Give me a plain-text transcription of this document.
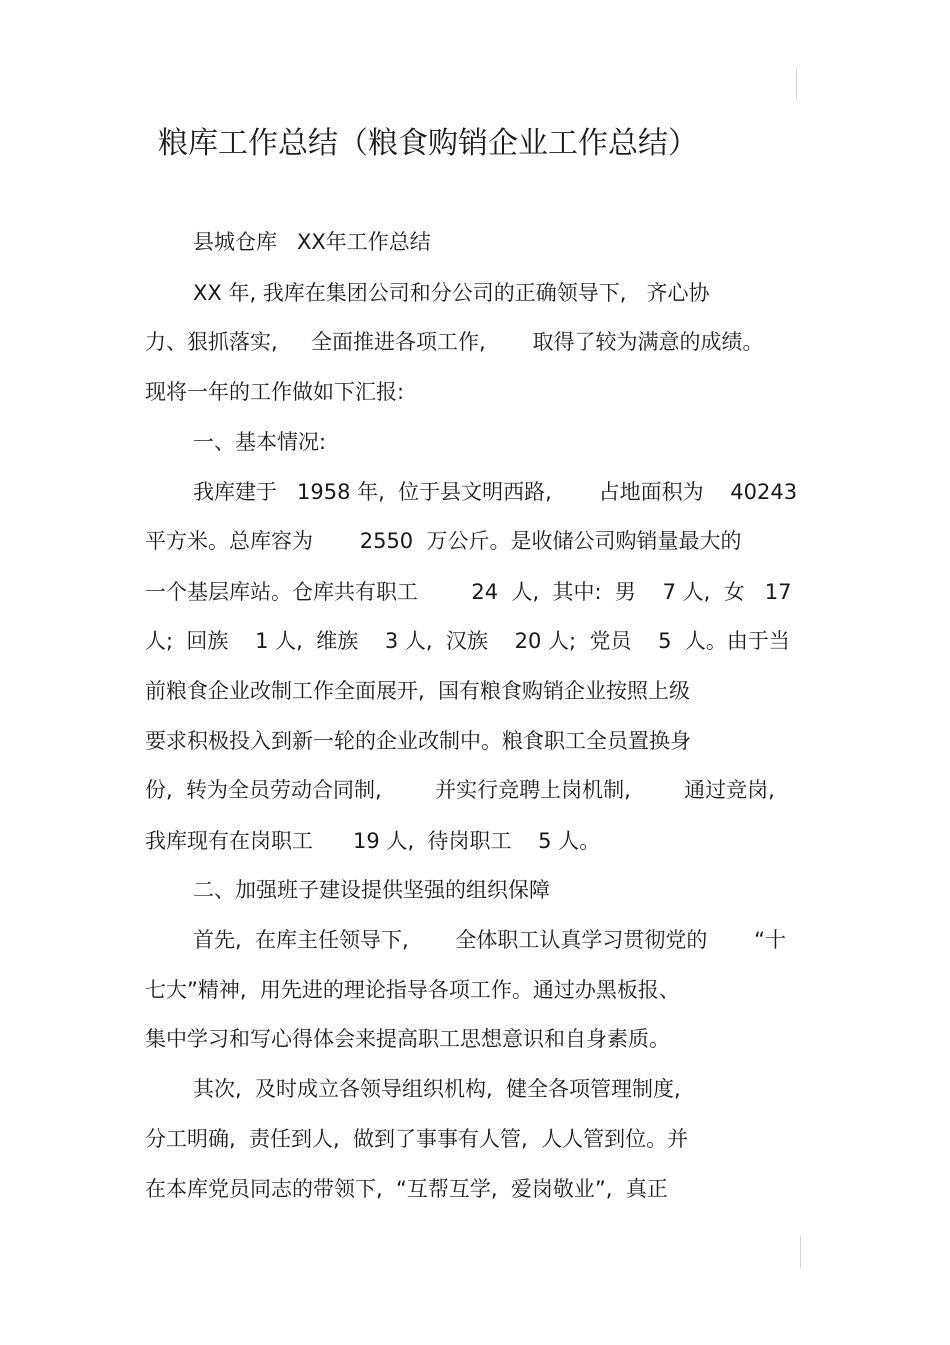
粮库工作总结（粮食购销企业工作总结）

县城仓库   XX年工作总结

XX 年, 我库在集团公司和分公司的正确领导下,   齐心协

力、狠抓落实,     全面推进各项工作,       取得了较为满意的成绩。

现将一年的工作做如下汇报:

一、基本情况:

我库建于   1958 年,  位于县文明西路,       占地面积为    40243

平方米。总库容为       2550  万公斤。是收储公司购销量最大的

一个基层库站。仓库共有职工        24  人,  其中:  男    7 人,  女   17

人;  回族    1 人,  维族    3 人,  汉族    20 人;  党员    5  人。由于当

前粮食企业改制工作全面展开,  国有粮食购销企业按照上级

要求积极投入到新一轮的企业改制中。粮食职工全员置换身

份,  转为全员劳动合同制,        并实行竞聘上岗机制,        通过竞岗,

我库现有在岗职工      19 人,  待岗职工    5 人。

二、加强班子建设提供坚强的组织保障

首先,  在库主任领导下,       全体职工认真学习贯彻党的       “十

七大”精神,  用先进的理论指导各项工作。通过办黑板报、

集中学习和写心得体会来提高职工思想意识和自身素质。

其次,  及时成立各领导组织机构,  健全各项管理制度,

分工明确,  责任到人,  做到了事事有人管,  人人管到位。并

在本库党员同志的带领下,  “互帮互学,  爱岗敬业”,  真正
